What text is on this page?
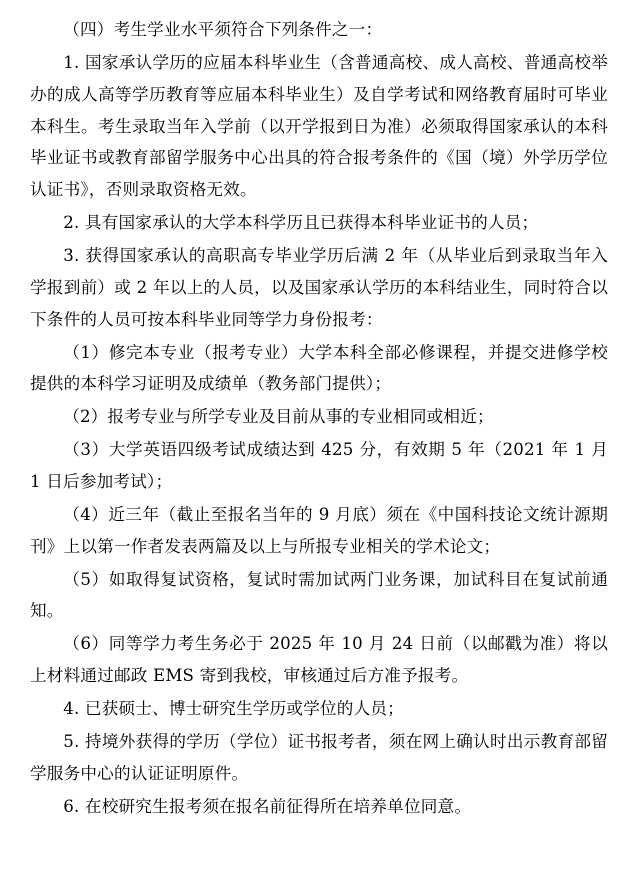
（四）考生学业水平须符合下列条件之一：

1. 国家承认学历的应届本科毕业生（含普通高校、成人高校、普通高校举办的成人高等学历教育等应届本科毕业生）及自学考试和网络教育届时可毕业本科生。考生录取当年入学前（以开学报到日为准）必须取得国家承认的本科毕业证书或教育部留学服务中心出具的符合报考条件的《国（境）外学历学位认证书》，否则录取资格无效。

2. 具有国家承认的大学本科学历且已获得本科毕业证书的人员；

3. 获得国家承认的高职高专毕业学历后满 2 年（从毕业后到录取当年入学报到前）或 2 年以上的人员，以及国家承认学历的本科结业生，同时符合以下条件的人员可按本科毕业同等学力身份报考：

（1）修完本专业（报考专业）大学本科全部必修课程，并提交进修学校提供的本科学习证明及成绩单（教务部门提供）；

（2）报考专业与所学专业及目前从事的专业相同或相近；

（3）大学英语四级考试成绩达到 425 分，有效期 5 年（2021 年 1 月 1 日后参加考试）；

（4）近三年（截止至报名当年的 9 月底）须在《中国科技论文统计源期刊》上以第一作者发表两篇及以上与所报专业相关的学术论文；

（5）如取得复试资格，复试时需加试两门业务课，加试科目在复试前通知。

（6）同等学力考生务必于 2025 年 10 月 24 日前（以邮戳为准）将以上材料通过邮政 EMS 寄到我校，审核通过后方准予报考。

4. 已获硕士、博士研究生学历或学位的人员；

5. 持境外获得的学历（学位）证书报考者，须在网上确认时出示教育部留学服务中心的认证证明原件。

6. 在校研究生报考须在报名前征得所在培养单位同意。
